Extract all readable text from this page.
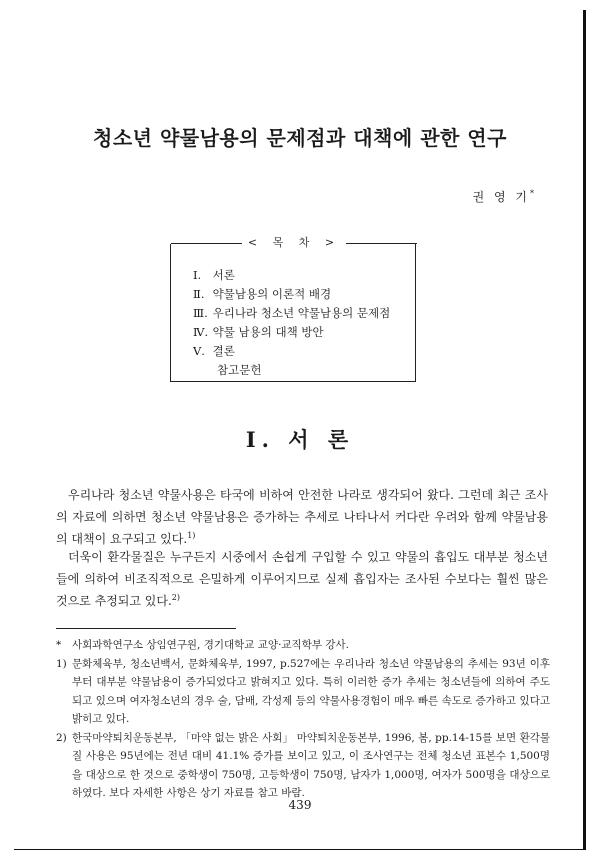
청소년 약물남용의 문제점과 대책에 관한 연구
권 영 기*
< 목 차 >
Ⅰ. 서론
Ⅱ. 약물남용의 이론적 배경
Ⅲ. 우리나라 청소년 약물남용의 문제점
Ⅳ. 약물 남용의 대책 방안
Ⅴ. 결론
참고문헌
Ⅰ. 서 론

 우리나라 청소년 약물사용은 타국에 비하여 안전한 나라로 생각되어 왔다. 그런데 최근 조사의 자료에 의하면 청소년 약물남용은 증가하는 추세로 나타나서 커다란 우려와 함께 약물남용의 대책이 요구되고 있다.$^{1)}$

 더욱이 환각물질은 누구든지 시중에서 손쉽게 구입할 수 있고 약물의 흡입도 대부분 청소년들에 의하여 비조직적으로 은밀하게 이루어지므로 실제 흡입자는 조사된 수보다는 훨씬 많은 것으로 추정되고 있다.$^{2)}$

*	사회과학연구소 상임연구원, 경기대학교 교양·교직학부 강사.
1) 문화체육부, 청소년백서, 문화체육부, 1997, p.527에는 우리나라 청소년 약물남용의 추세는 93년 이후부터 대부분 약물남용이 증가되었다고 밝혀지고 있다. 특히 이러한 증가 추세는 청소년들에 의하여 주도되고 있으며 여자청소년의 경우 술, 담배, 각성제 등의 약물사용경험이 매우 빠른 속도로 증가하고 있다고 밝히고 있다.
2) 한국마약퇴치운동본부, 「마약 없는 밝은 사회」 마약퇴치운동본부, 1996, 봄, pp.14-15를 보면 환각물질 사용은 95년에는 전년 대비 41.1% 증가를 보이고 있고, 이 조사연구는 전체 청소년 표본수 1,500명을 대상으로 한 것으로 중학생이 750명, 고등학생이 750명, 남자가 1,000명, 여자가 500명을 대상으로 하였다. 보다 자세한 사항은 상기 자료를 참고 바람.
439
